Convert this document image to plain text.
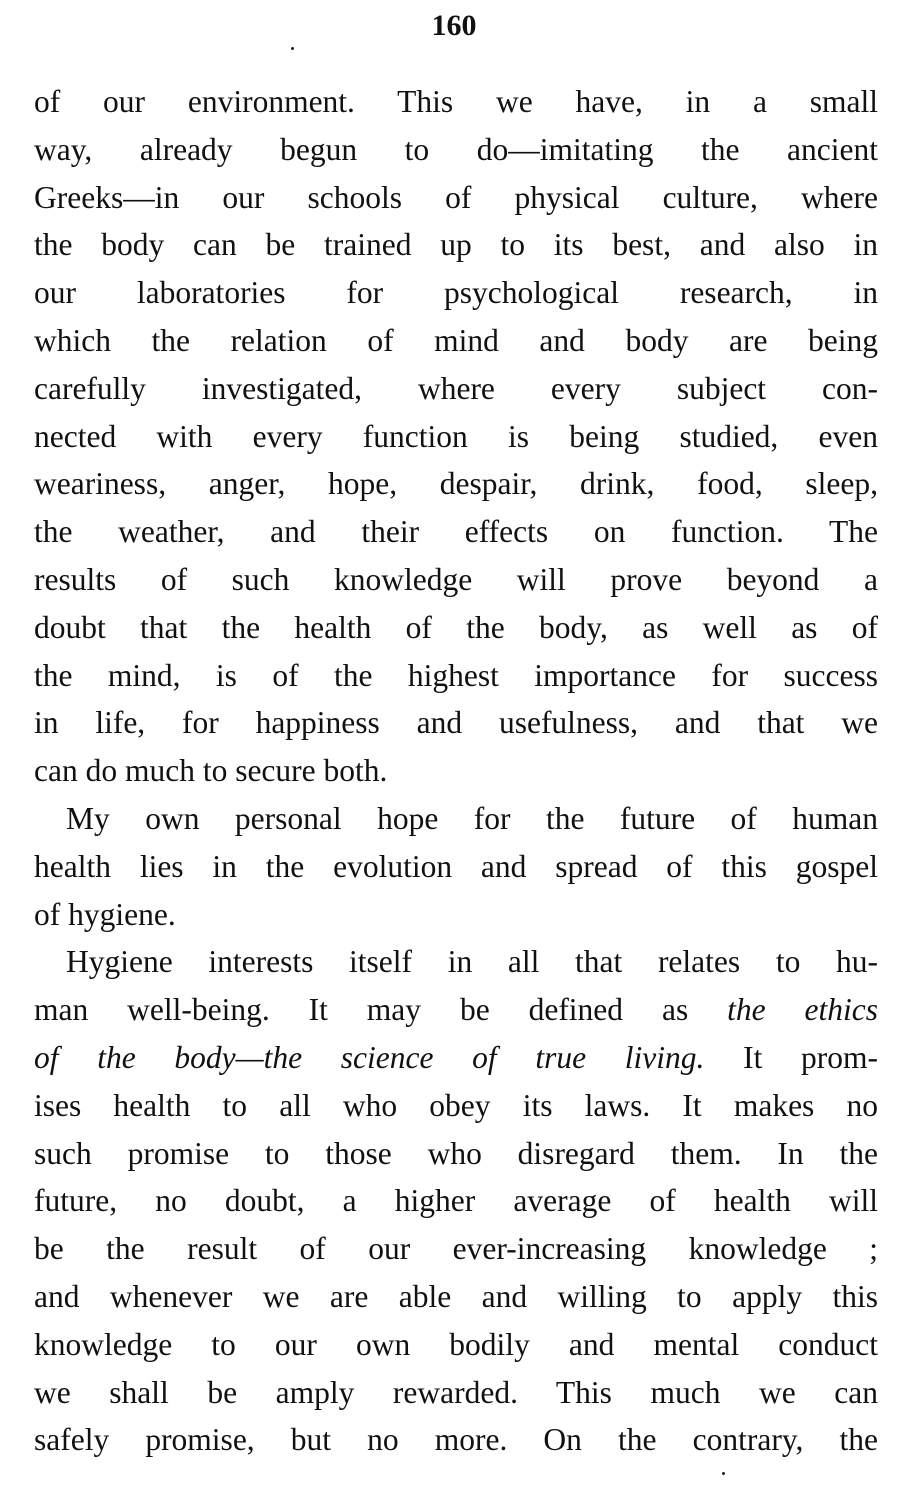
160
of our environment. This we have, in a small
way, already begun to do—imitating the ancient
Greeks—in our schools of physical culture, where
the body can be trained up to its best, and also in
our laboratories for psychological research, in
which the relation of mind and body are being
carefully investigated, where every subject con-
nected with every function is being studied, even
weariness, anger, hope, despair, drink, food, sleep,
the weather, and their effects on function. The
results of such knowledge will prove beyond a
doubt that the health of the body, as well as of
the mind, is of the highest importance for success
in life, for happiness and usefulness, and that we
can do much to secure both.
My own personal hope for the future of human
health lies in the evolution and spread of this gospel
of hygiene.
Hygiene interests itself in all that relates to hu-
man well-being. It may be defined as the ethics
of the body—the science of true living. It prom-
ises health to all who obey its laws. It makes no
such promise to those who disregard them. In the
future, no doubt, a higher average of health will
be the result of our ever-increasing knowledge ;
and whenever we are able and willing to apply this
knowledge to our own bodily and mental conduct
we shall be amply rewarded. This much we can
safely promise, but no more. On the contrary, the
